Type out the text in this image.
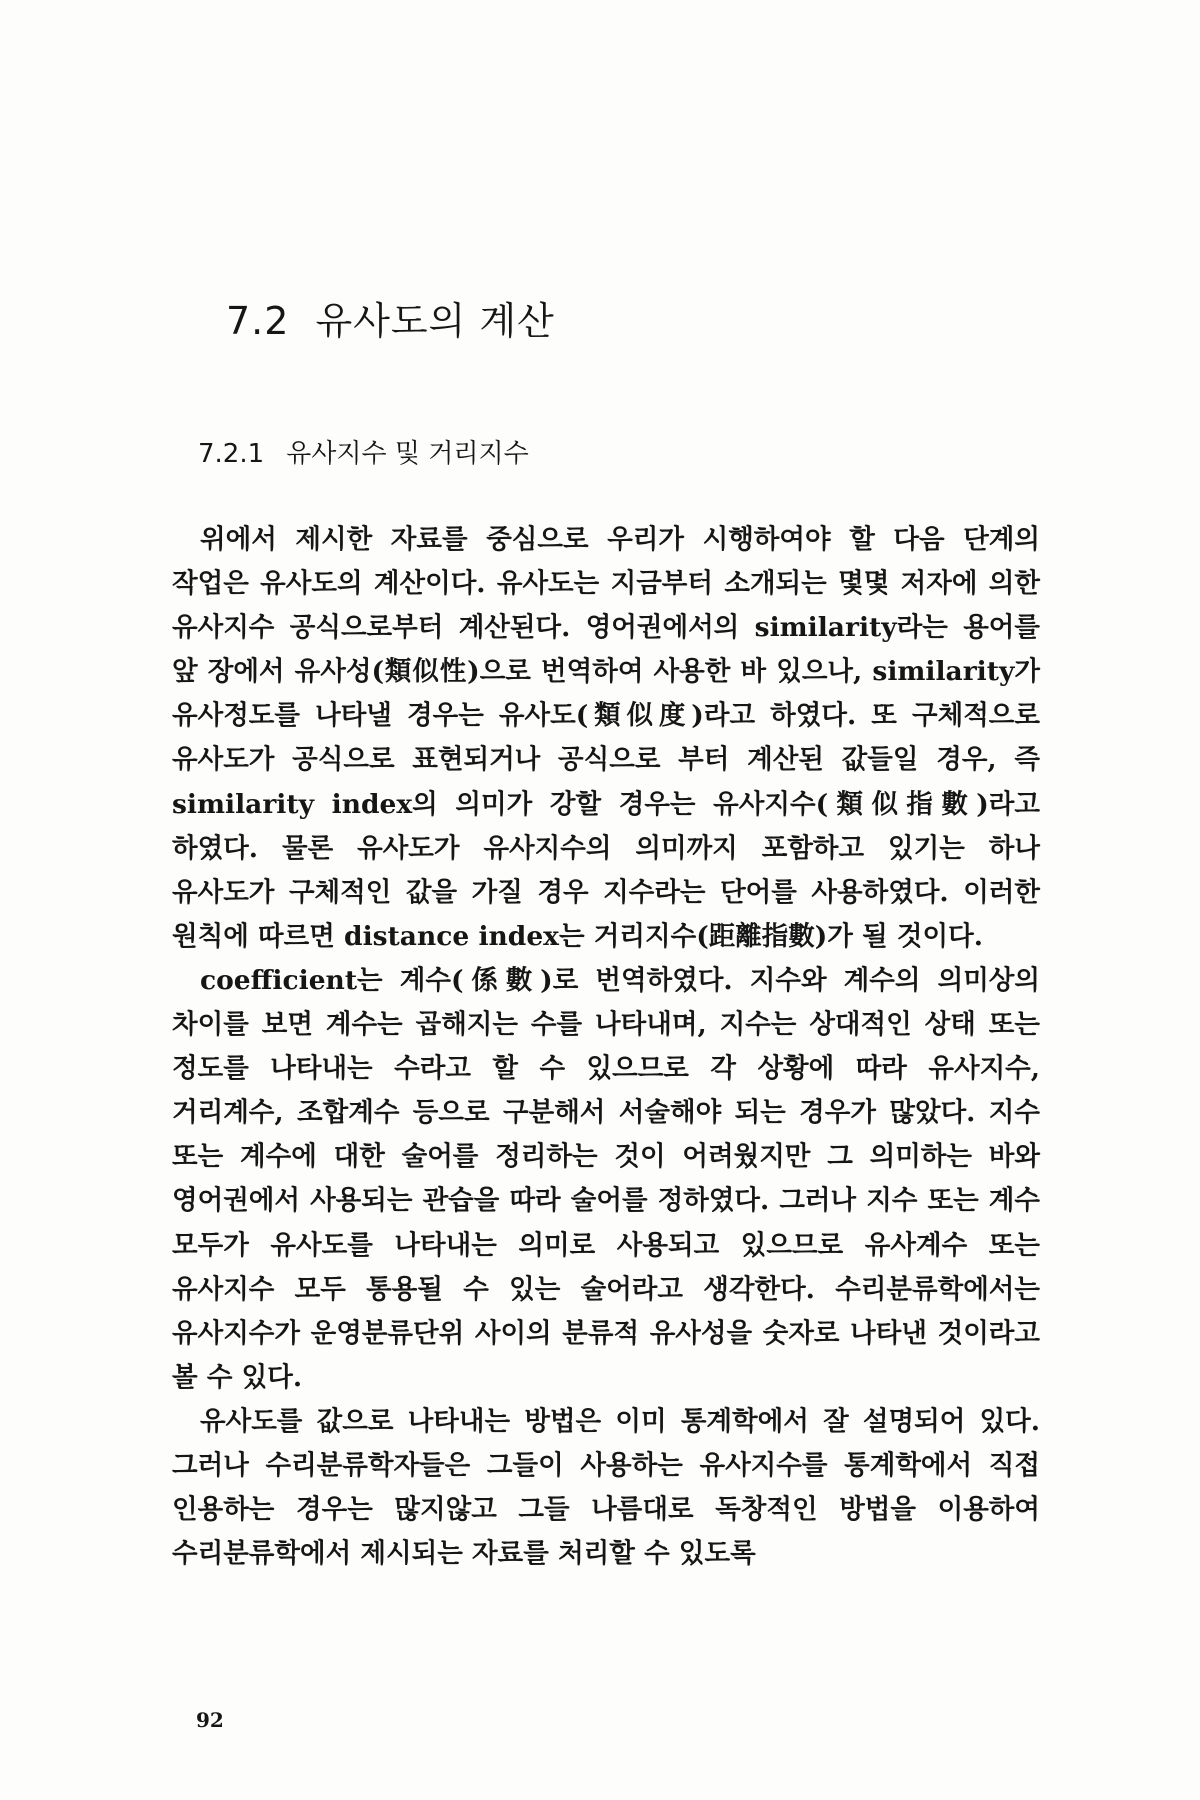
7.2 유사도의 계산
7.2.1 유사지수 및 거리지수

위에서 제시한 자료를 중심으로 우리가 시행하여야 할 다음 단계의 작업은 유사도의 계산이다. 유사도는 지금부터 소개되는 몇몇 저자에 의한 유사지수 공식으로부터 계산된다. 영어권에서의 similarity라는 용어를 앞 장에서 유사성(類似性)으로 번역하여 사용한 바 있으나, similarity가 유사정도를 나타낼 경우는 유사도(類似度)라고 하였다. 또 구체적으로 유사도가 공식으로 표현되거나 공식으로 부터 계산된 값들일 경우, 즉 similarity index의 의미가 강할 경우는 유사지수(類似指數)라고 하였다. 물론 유사도가 유사지수의 의미까지 포함하고 있기는 하나 유사도가 구체적인 값을 가질 경우 지수라는 단어를 사용하였다. 이러한 원칙에 따르면 distance index는 거리지수(距離指數)가 될 것이다.

coefficient는 계수(係數)로 번역하였다. 지수와 계수의 의미상의 차이를 보면 계수는 곱해지는 수를 나타내며, 지수는 상대적인 상태 또는 정도를 나타내는 수라고 할 수 있으므로 각 상황에 따라 유사지수, 거리계수, 조합계수 등으로 구분해서 서술해야 되는 경우가 많았다. 지수 또는 계수에 대한 술어를 정리하는 것이 어려웠지만 그 의미하는 바와 영어권에서 사용되는 관습을 따라 술어를 정하였다. 그러나 지수 또는 계수 모두가 유사도를 나타내는 의미로 사용되고 있으므로 유사계수 또는 유사지수 모두 통용될 수 있는 술어라고 생각한다. 수리분류학에서는 유사지수가 운영분류단위 사이의 분류적 유사성을 숫자로 나타낸 것이라고 볼 수 있다.

유사도를 값으로 나타내는 방법은 이미 통계학에서 잘 설명되어 있다. 그러나 수리분류학자들은 그들이 사용하는 유사지수를 통계학에서 직접 인용하는 경우는 많지않고 그들 나름대로 독창적인 방법을 이용하여 수리분류학에서 제시되는 자료를 처리할 수 있도록

92
